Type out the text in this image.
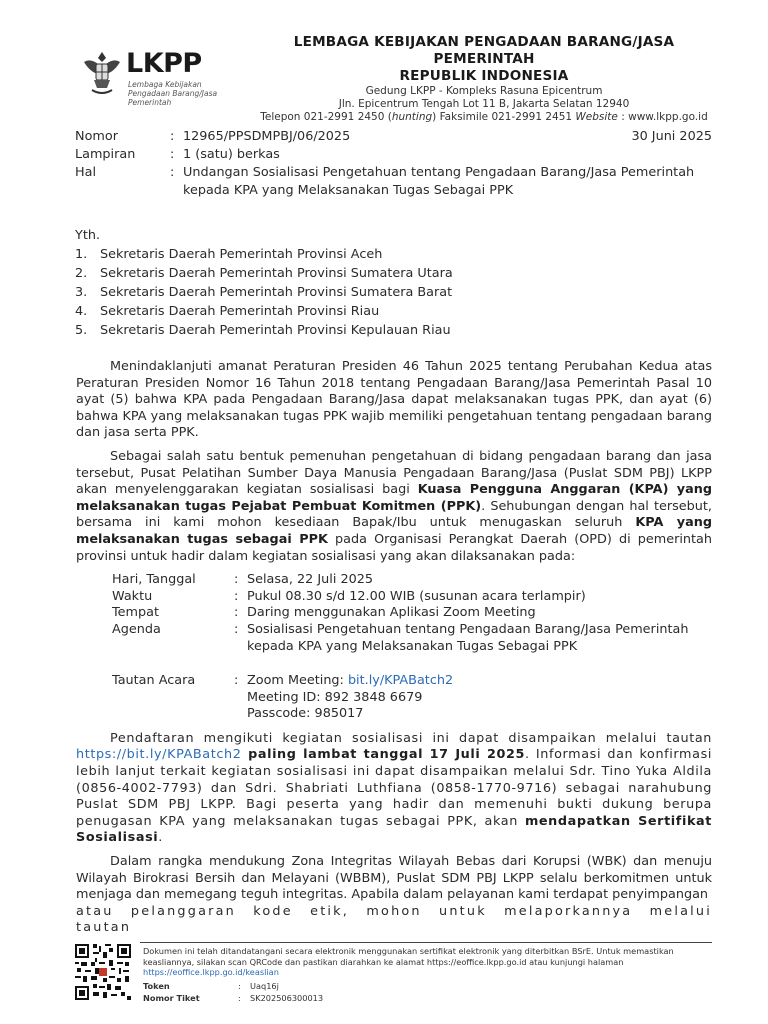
LKPP
Lembaga Kebijakan
Pengadaan Barang/Jasa Pemerintah
LEMBAGA KEBIJAKAN PENGADAAN BARANG/JASA PEMERINTAH
REPUBLIK INDONESIA
Gedung LKPP - Kompleks Rasuna Epicentrum
Jln. Epicentrum Tengah Lot 11 B, Jakarta Selatan 12940
Telepon 021-2991 2450 (hunting) Faksimile 021-2991 2451 Website : www.lkpp.go.id
Nomor	: 12965/PPSDMPBJ/06/2025	30 Juni 2025
Lampiran	: 1 (satu) berkas
Hal	: Undangan Sosialisasi Pengetahuan tentang Pengadaan Barang/Jasa Pemerintah kepada KPA yang Melaksanakan Tugas Sebagai PPK
Yth.
1. Sekretaris Daerah Pemerintah Provinsi Aceh
2. Sekretaris Daerah Pemerintah Provinsi Sumatera Utara
3. Sekretaris Daerah Pemerintah Provinsi Sumatera Barat
4. Sekretaris Daerah Pemerintah Provinsi Riau
5. Sekretaris Daerah Pemerintah Provinsi Kepulauan Riau

Menindaklanjuti amanat Peraturan Presiden 46 Tahun 2025 tentang Perubahan Kedua atas Peraturan Presiden Nomor 16 Tahun 2018 tentang Pengadaan Barang/Jasa Pemerintah Pasal 10 ayat (5) bahwa KPA pada Pengadaan Barang/Jasa dapat melaksanakan tugas PPK, dan ayat (6) bahwa KPA yang melaksanakan tugas PPK wajib memiliki pengetahuan tentang pengadaan barang dan jasa serta PPK.

Sebagai salah satu bentuk pemenuhan pengetahuan di bidang pengadaan barang dan jasa tersebut, Pusat Pelatihan Sumber Daya Manusia Pengadaan Barang/Jasa (Puslat SDM PBJ) LKPP akan menyelenggarakan kegiatan sosialisasi bagi Kuasa Pengguna Anggaran (KPA) yang melaksanakan tugas Pejabat Pembuat Komitmen (PPK). Sehubungan dengan hal tersebut, bersama ini kami mohon kesediaan Bapak/Ibu untuk menugaskan seluruh KPA yang melaksanakan tugas sebagai PPK pada Organisasi Perangkat Daerah (OPD) di pemerintah provinsi untuk hadir dalam kegiatan sosialisasi yang akan dilaksanakan pada:

Hari, Tanggal	: Selasa, 22 Juli 2025
Waktu	: Pukul 08.30 s/d 12.00 WIB (susunan acara terlampir)
Tempat	: Daring menggunakan Aplikasi Zoom Meeting
Agenda	: Sosialisasi Pengetahuan tentang Pengadaan Barang/Jasa Pemerintah kepada KPA yang Melaksanakan Tugas Sebagai PPK
Tautan Acara	: Zoom Meeting: bit.ly/KPABatch2
Meeting ID: 892 3848 6679
Passcode: 985017

Pendaftaran mengikuti kegiatan sosialisasi ini dapat disampaikan melalui tautan https://bit.ly/KPABatch2 paling lambat tanggal 17 Juli 2025. Informasi dan konfirmasi lebih lanjut terkait kegiatan sosialisasi ini dapat disampaikan melalui Sdr. Tino Yuka Aldila (0856-4002-7793) dan Sdri. Shabriati Luthfiana (0858-1770-9716) sebagai narahubung Puslat SDM PBJ LKPP. Bagi peserta yang hadir dan memenuhi bukti dukung berupa penugasan KPA yang melaksanakan tugas sebagai PPK, akan mendapatkan Sertifikat Sosialisasi.

Dalam rangka mendukung Zona Integritas Wilayah Bebas dari Korupsi (WBK) dan menuju Wilayah Birokrasi Bersih dan Melayani (WBBM), Puslat SDM PBJ LKPP selalu berkomitmen untuk menjaga dan memegang teguh integritas. Apabila dalam pelayanan kami terdapat penyimpangan

atau pelanggaran kode etik, mohon untuk melaporkannya melalui tautan

Dokumen ini telah ditandatangani secara elektronik menggunakan sertifikat elektronik yang diterbitkan BSrE. Untuk memastikan keasliannya, silakan scan QRCode dan pastikan diarahkan ke alamat https://eoffice.lkpp.go.id atau kunjungi halaman
https://eoffice.lkpp.go.id/keaslian
Token	:	Uaq16j
Nomor Tiket	:	SK202506300013
